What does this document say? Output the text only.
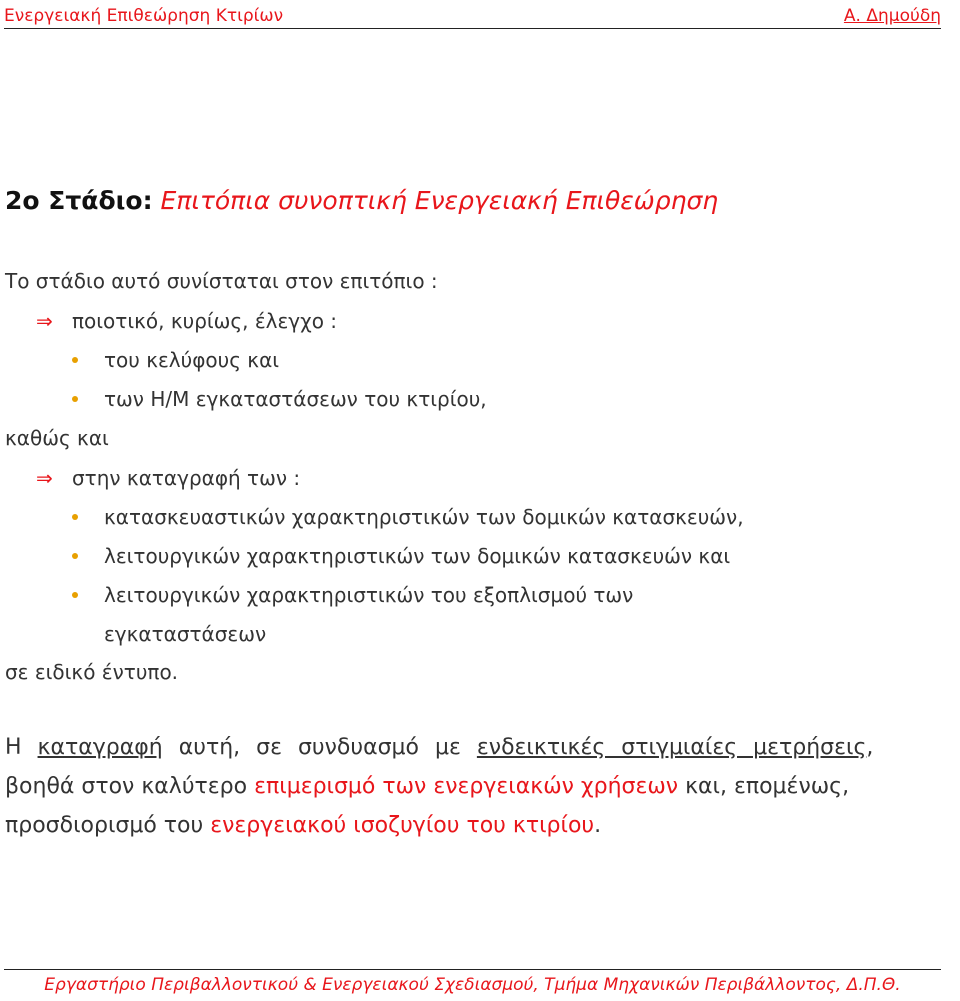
Ενεργειακή Επιθεώρηση Κτιρίων	Α. Δημούδη
2ο Στάδιο: Επιτόπια συνοπτική Ενεργειακή Επιθεώρηση
Το στάδιο αυτό συνίσταται στον επιτόπιο :
⇒ ποιοτικό, κυρίως, έλεγχο :
του κελύφους και
των Η/Μ εγκαταστάσεων του κτιρίου,
καθώς και
⇒ στην καταγραφή των :
κατασκευαστικών χαρακτηριστικών των δομικών κατασκευών,
λειτουργικών χαρακτηριστικών των δομικών κατασκευών και
λειτουργικών χαρακτηριστικών του εξοπλισμού των
εγκαταστάσεων
σε ειδικό έντυπο.
Η καταγραφή αυτή, σε συνδυασμό με ενδεικτικές στιγμιαίες μετρήσεις,
βοηθά στον καλύτερο επιμερισμό των ενεργειακών χρήσεων και, επομένως,
προσδιορισμό του ενεργειακού ισοζυγίου του κτιρίου.
Εργαστήριο Περιβαλλοντικού & Ενεργειακού Σχεδιασμού, Τμήμα Μηχανικών Περιβάλλοντος, Δ.Π.Θ.
